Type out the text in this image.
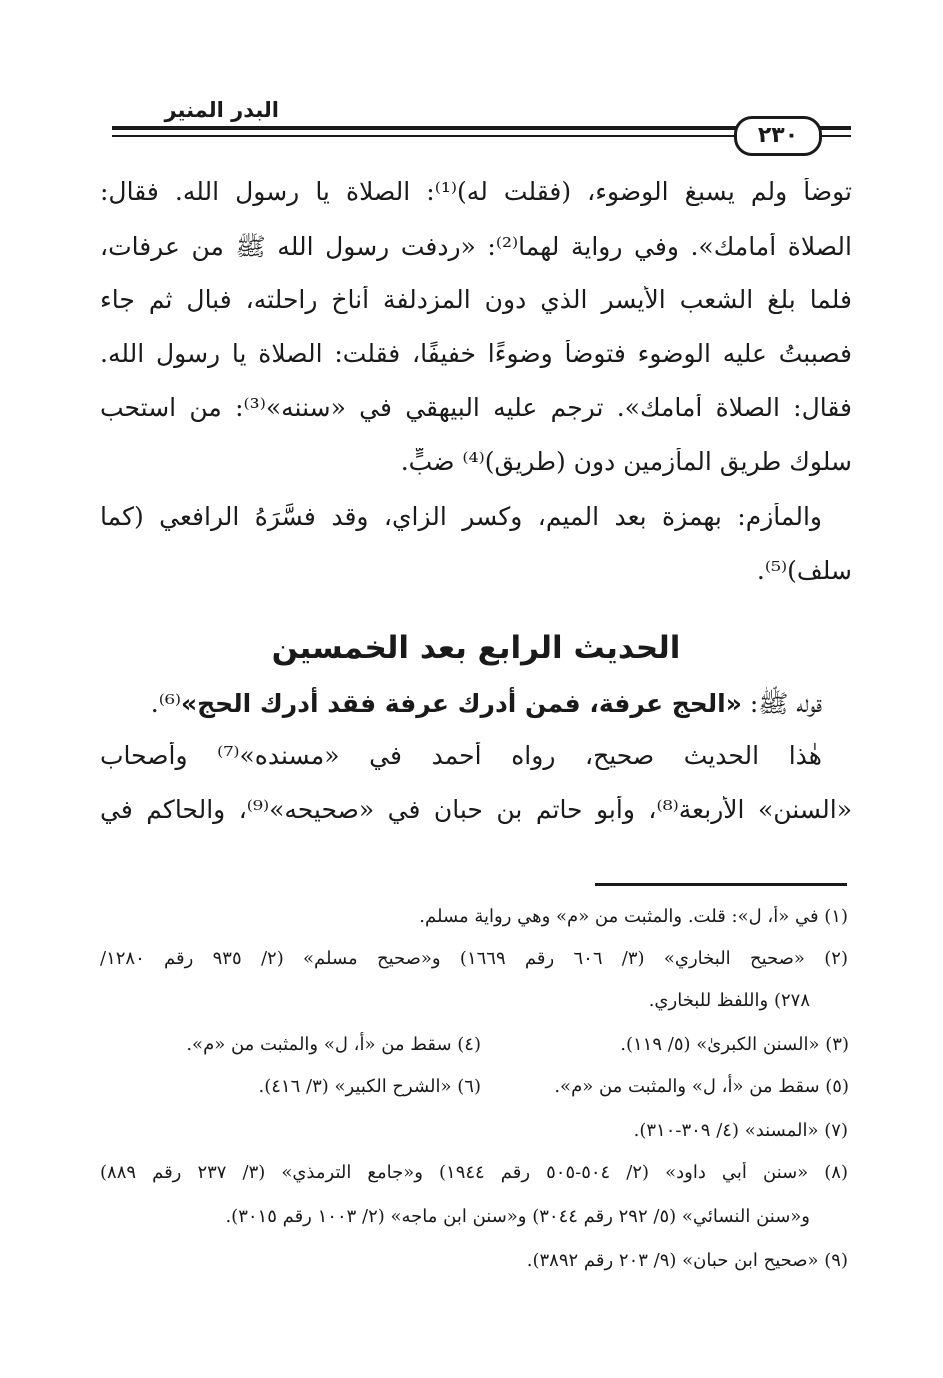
البدر المنير
٢٣٠
توضأ ولم يسبغ الوضوء، (فقلت له)⁽¹⁾: الصلاة يا رسول الله. فقال:
الصلاة أمامك». وفي رواية لهما⁽²⁾: «ردفت رسول الله ﷺ من عرفات،
فلما بلغ الشعب الأيسر الذي دون المزدلفة أناخ راحلته، فبال ثم جاء
فصببتُ عليه الوضوء فتوضأ وضوءًا خفيفًا، فقلت: الصلاة يا رسول الله.
فقال: الصلاة أمامك». ترجم عليه البيهقي في «سننه»⁽³⁾: من استحب
سلوك طريق المأزمين دون (طريق)⁽⁴⁾ ضبٍّ.
والمأزم: بهمزة بعد الميم، وكسر الزاي، وقد فسَّرَهُ الرافعي (كما
سلف)⁽⁵⁾.
الحديث الرابع بعد الخمسين
قوله ﷺ: «الحج عرفة، فمن أدرك عرفة فقد أدرك الحج»⁽⁶⁾.
هٰذا الحديث صحيح، رواه أحمد في «مسنده»⁽⁷⁾ وأصحاب
«السنن» الأربعة⁽⁸⁾، وأبو حاتم بن حبان في «صحيحه»⁽⁹⁾، والحاكم في
(١) في «أ، ل»: قلت. والمثبت من «م» وهي رواية مسلم.
(٢) «صحيح البخاري» (٣/ ٦٠٦ رقم ١٦٦٩) و«صحيح مسلم» (٢/ ٩٣٥ رقم ١٢٨٠/
٢٧٨) واللفظ للبخاري.
(٣) «السنن الكبرىٰ» (٥/ ١١٩).
(٤) سقط من «أ، ل» والمثبت من «م».
(٥) سقط من «أ، ل» والمثبت من «م».
(٦) «الشرح الكبير» (٣/ ٤١٦).
(٧) «المسند» (٤/ ٣٠٩-٣١٠).
(٨) «سنن أبي داود» (٢/ ٥٠٤-٥٠٥ رقم ١٩٤٤) و«جامع الترمذي» (٣/ ٢٣٧ رقم ٨٨٩)
و«سنن النسائي» (٥/ ٢٩٢ رقم ٣٠٤٤) و«سنن ابن ماجه» (٢/ ١٠٠٣ رقم ٣٠١٥).
(٩) «صحيح ابن حبان» (٩/ ٢٠٣ رقم ٣٨٩٢).
